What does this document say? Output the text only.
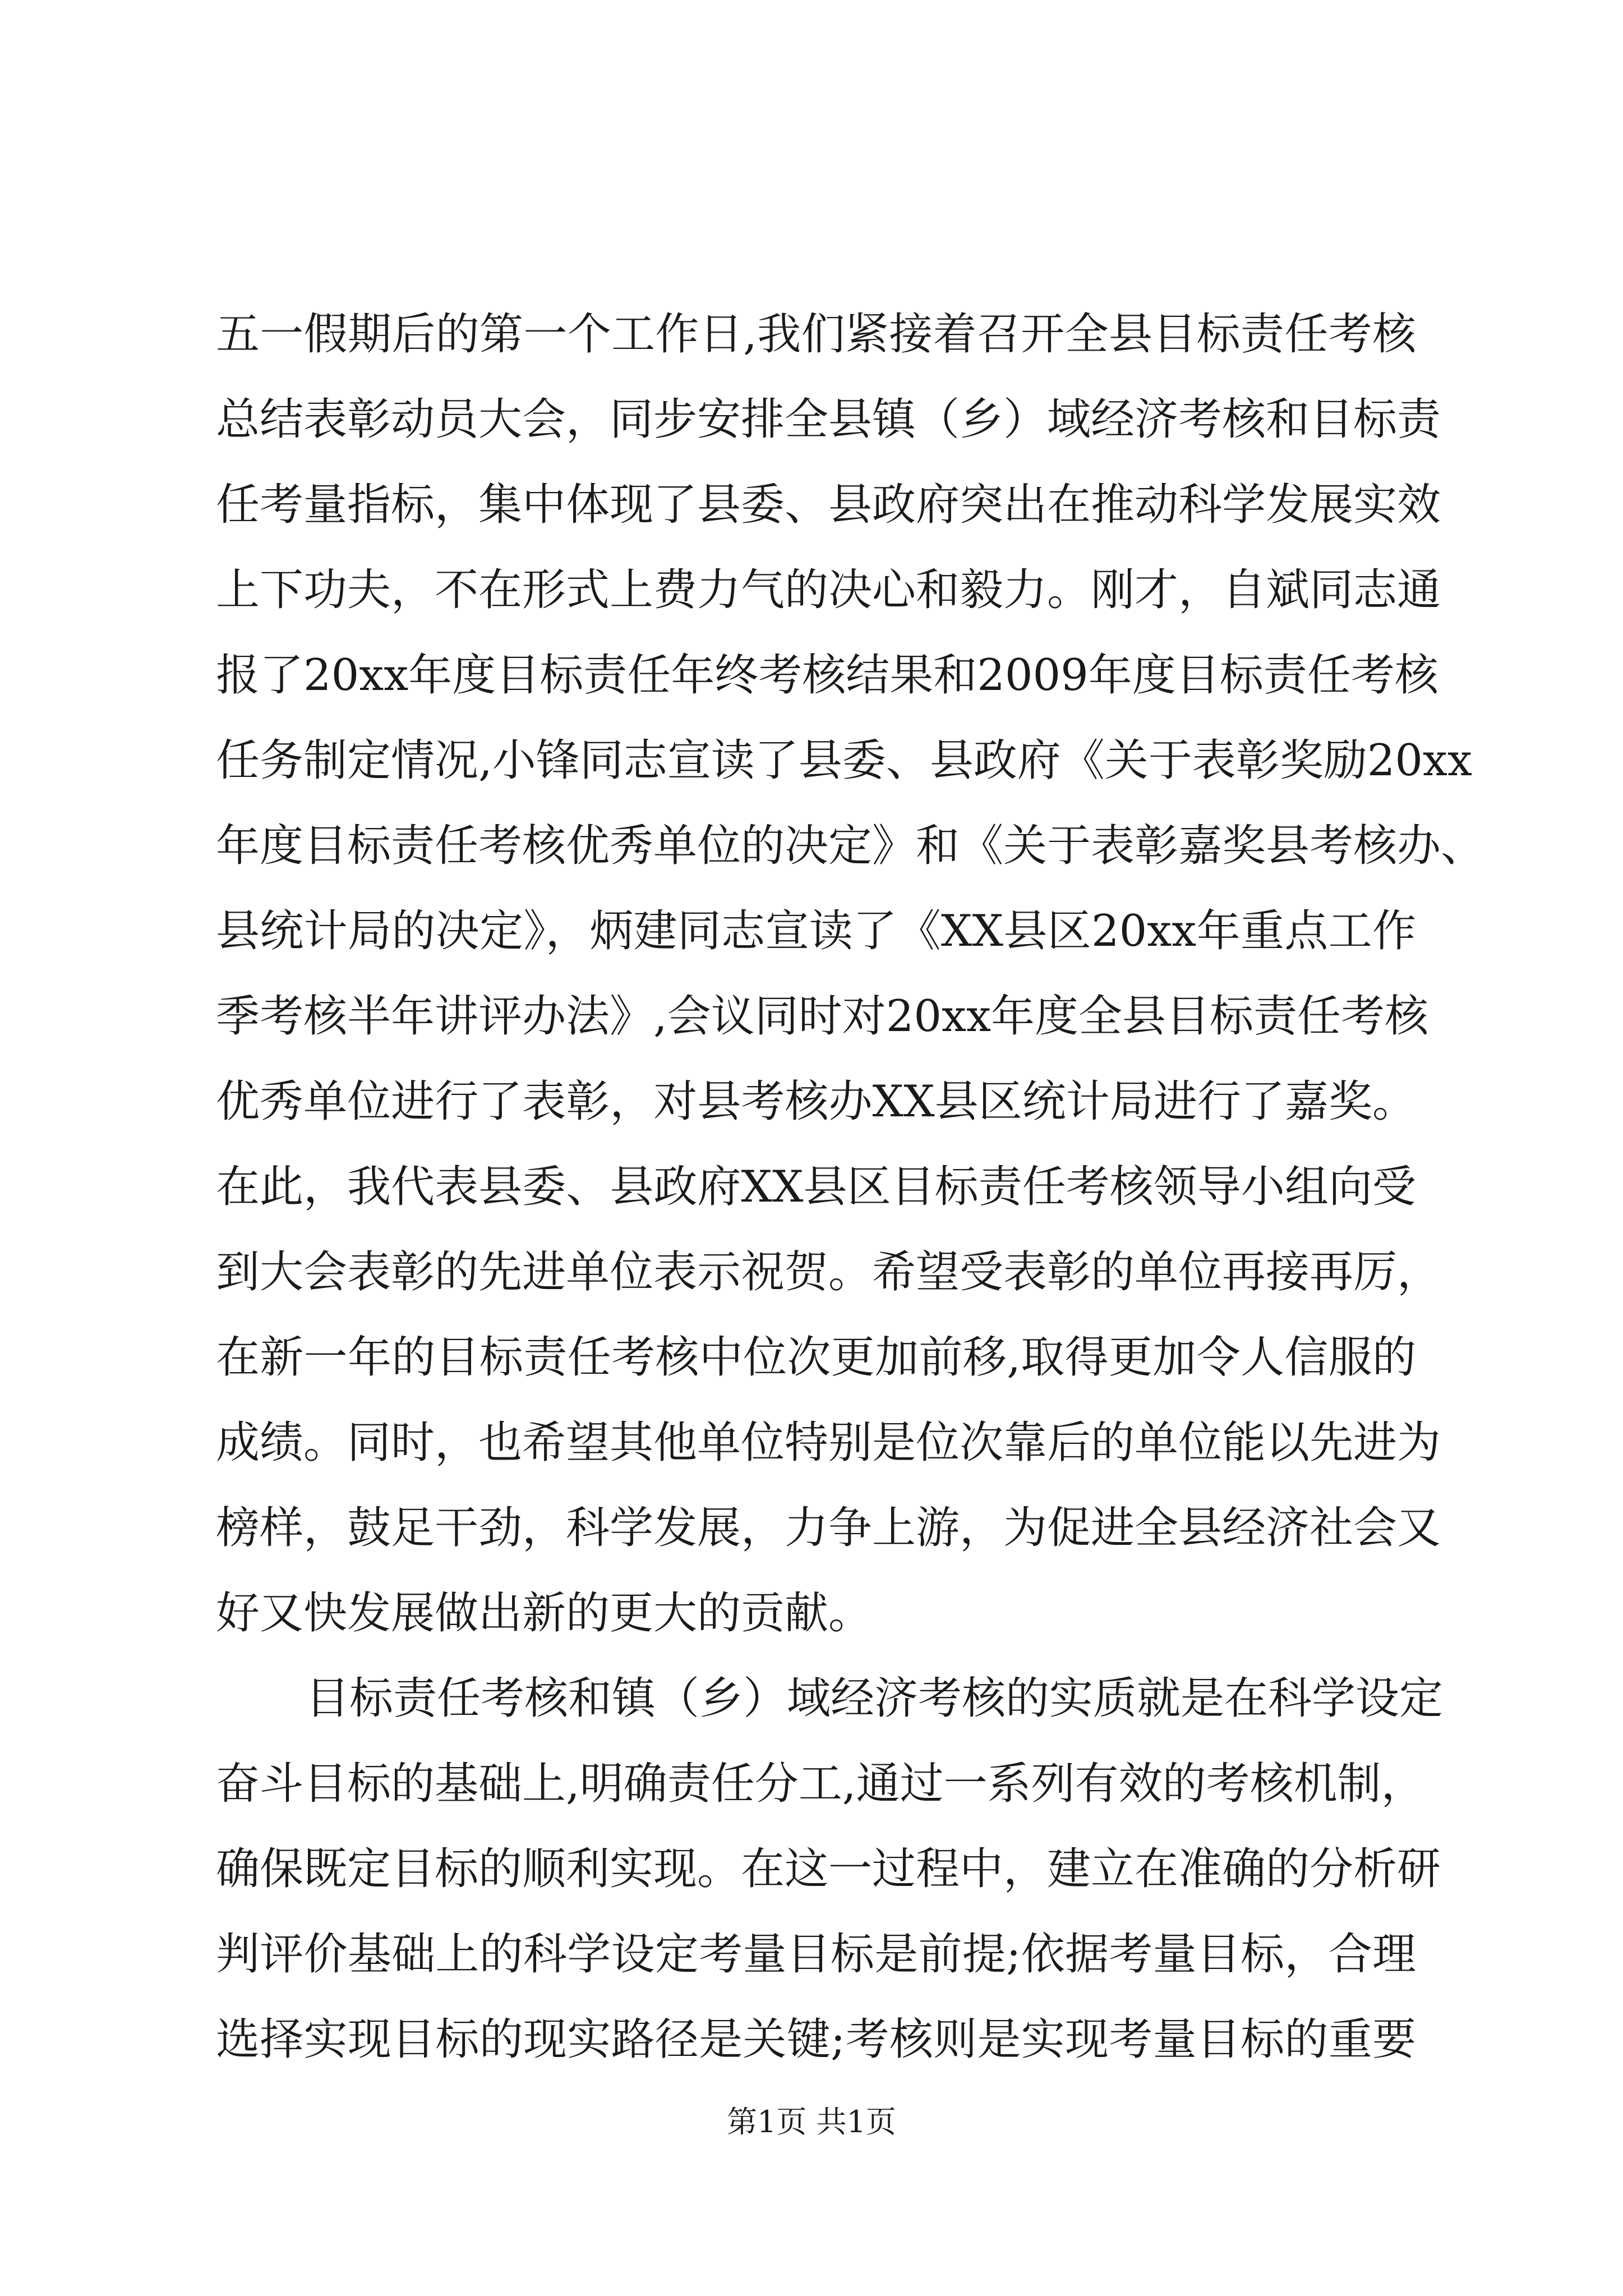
五一假期后的第一个工作日,我们紧接着召开全县目标责任考核
总结表彰动员大会，同步安排全县镇（乡）域经济考核和目标责
任考量指标，集中体现了县委、县政府突出在推动科学发展实效
上下功夫，不在形式上费力气的决心和毅力。刚才，自斌同志通
报了20xx年度目标责任年终考核结果和2009年度目标责任考核
任务制定情况,小锋同志宣读了县委、县政府《关于表彰奖励20xx
年度目标责任考核优秀单位的决定》和《关于表彰嘉奖县考核办、
县统计局的决定》，炳建同志宣读了《XX县区20xx年重点工作
季考核半年讲评办法》,会议同时对20xx年度全县目标责任考核
优秀单位进行了表彰，对县考核办XX县区统计局进行了嘉奖。
在此，我代表县委、县政府XX县区目标责任考核领导小组向受
到大会表彰的先进单位表示祝贺。希望受表彰的单位再接再厉，
在新一年的目标责任考核中位次更加前移,取得更加令人信服的
成绩。同时，也希望其他单位特别是位次靠后的单位能以先进为
榜样，鼓足干劲，科学发展，力争上游，为促进全县经济社会又
好又快发展做出新的更大的贡献。
目标责任考核和镇（乡）域经济考核的实质就是在科学设定
奋斗目标的基础上,明确责任分工,通过一系列有效的考核机制，
确保既定目标的顺利实现。在这一过程中，建立在准确的分析研
判评价基础上的科学设定考量目标是前提;依据考量目标，合理
选择实现目标的现实路径是关键;考核则是实现考量目标的重要
第1页 共1页
